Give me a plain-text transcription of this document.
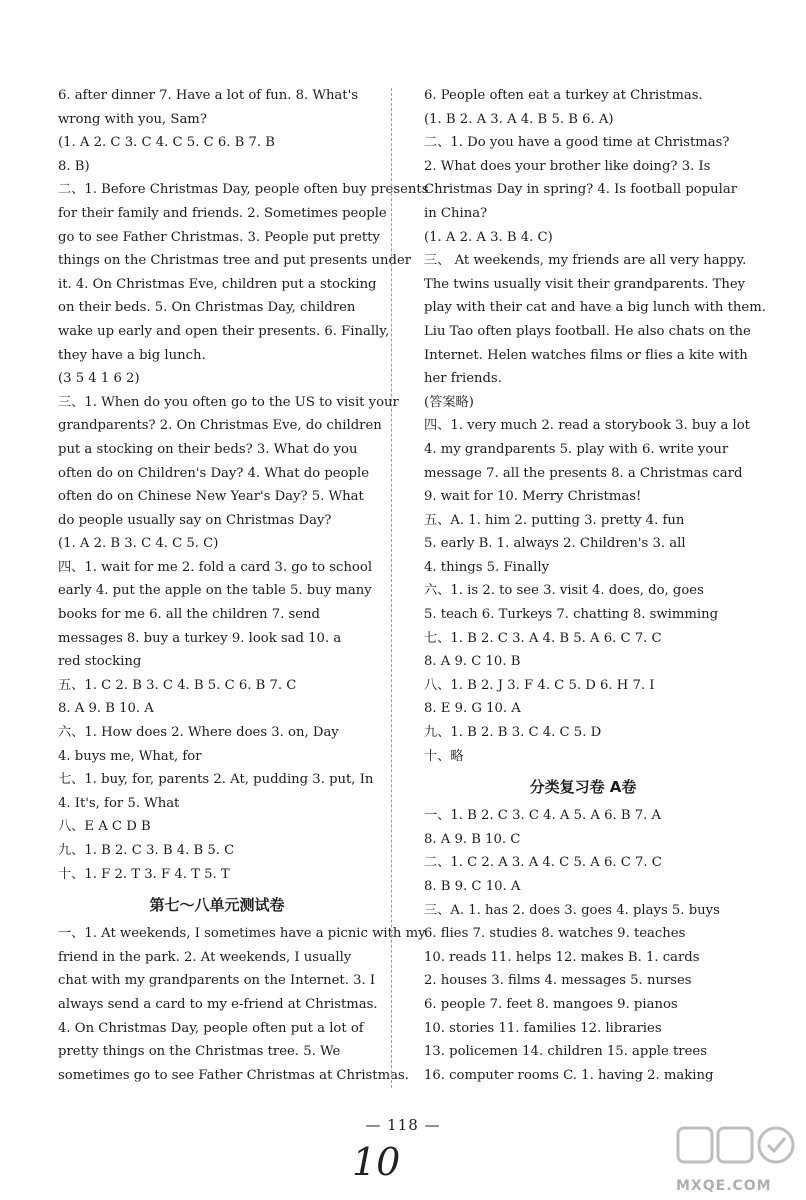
6. after dinner 7. Have a lot of fun. 8. What's
wrong with you, Sam?
(1. A 2. C 3. C 4. C 5. C 6. B 7. B
8. B)
二、1. Before Christmas Day, people often buy presents
for their family and friends. 2. Sometimes people
go to see Father Christmas. 3. People put pretty
things on the Christmas tree and put presents under
it. 4. On Christmas Eve, children put a stocking
on their beds. 5. On Christmas Day, children
wake up early and open their presents. 6. Finally,
they have a big lunch.
(3 5 4 1 6 2)
三、1. When do you often go to the US to visit your
grandparents? 2. On Christmas Eve, do children
put a stocking on their beds? 3. What do you
often do on Children's Day? 4. What do people
often do on Chinese New Year's Day? 5. What
do people usually say on Christmas Day?
(1. A 2. B 3. C 4. C 5. C)
四、1. wait for me 2. fold a card 3. go to school
early 4. put the apple on the table 5. buy many
books for me 6. all the children 7. send
messages 8. buy a turkey 9. look sad 10. a
red stocking
五、1. C 2. B 3. C 4. B 5. C 6. B 7. C
8. A 9. B 10. A
六、1. How does 2. Where does 3. on, Day
4. buys me, What, for
七、1. buy, for, parents 2. At, pudding 3. put, In
4. It's, for 5. What
八、E A C D B
九、1. B 2. C 3. B 4. B 5. C
十、1. F 2. T 3. F 4. T 5. T
第七～八单元测试卷
一、1. At weekends, I sometimes have a picnic with my
friend in the park. 2. At weekends, I usually
chat with my grandparents on the Internet. 3. I
always send a card to my e-friend at Christmas.
4. On Christmas Day, people often put a lot of
pretty things on the Christmas tree. 5. We
sometimes go to see Father Christmas at Christmas.
6. People often eat a turkey at Christmas.
(1. B 2. A 3. A 4. B 5. B 6. A)
二、1. Do you have a good time at Christmas?
2. What does your brother like doing? 3. Is
Christmas Day in spring? 4. Is football popular
in China?
(1. A 2. A 3. B 4. C)
三、 At weekends, my friends are all very happy.
The twins usually visit their grandparents. They
play with their cat and have a big lunch with them.
Liu Tao often plays football. He also chats on the
Internet. Helen watches films or flies a kite with
her friends.
(答案略)
四、1. very much 2. read a storybook 3. buy a lot
4. my grandparents 5. play with 6. write your
message 7. all the presents 8. a Christmas card
9. wait for 10. Merry Christmas!
五、A. 1. him 2. putting 3. pretty 4. fun
5. early B. 1. always 2. Children's 3. all
4. things 5. Finally
六、1. is 2. to see 3. visit 4. does, do, goes
5. teach 6. Turkeys 7. chatting 8. swimming
七、1. B 2. C 3. A 4. B 5. A 6. C 7. C
8. A 9. C 10. B
八、1. B 2. J 3. F 4. C 5. D 6. H 7. I
8. E 9. G 10. A
九、1. B 2. B 3. C 4. C 5. D
十、略
分类复习卷 A卷
一、1. B 2. C 3. C 4. A 5. A 6. B 7. A
8. A 9. B 10. C
二、1. C 2. A 3. A 4. C 5. A 6. C 7. C
8. B 9. C 10. A
三、A. 1. has 2. does 3. goes 4. plays 5. buys
6. flies 7. studies 8. watches 9. teaches
10. reads 11. helps 12. makes B. 1. cards
2. houses 3. films 4. messages 5. nurses
6. people 7. feet 8. mangoes 9. pianos
10. stories 11. families 12. libraries
13. policemen 14. children 15. apple trees
16. computer rooms C. 1. having 2. making
— 118 —
10
MXQE.COM
